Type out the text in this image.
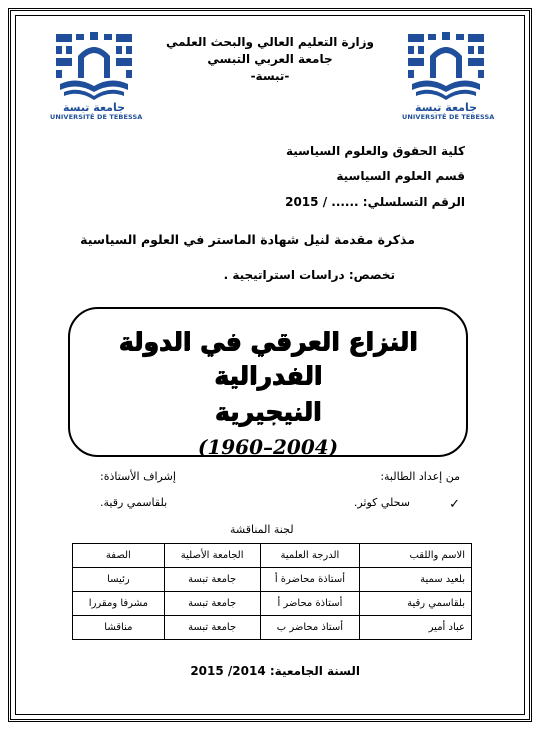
جامعة تبسة
UNIVERSITÉ DE TEBESSA
جامعة تبسة
UNIVERSITÉ DE TEBESSA
وزارة التعليم العالي والبحث العلمي
جامعة العربي التبسي
-تبسة-
كلية الحقوق والعلوم السياسية
قسم العلوم السياسية
الرقم التسلسلي: ...... / 2015
مذكرة مقدمة لنيل شهادة الماستر في العلوم السياسية
تخصص: دراسات استراتيجية .
النزاع العرقي في الدولة الفدرالية
النيجيرية
(1960–2004)
من إعداد الطالبة:
إشراف الأستاذة:
✓
سحلي كوثر.
بلقاسمي رقية.
لجنة المناقشة
الاسم واللقب	الدرجة العلمية	الجامعة الأصلية	الصفة
بلعيد سمية	أستاذة محاضرة أ	جامعة تبسة	رئيسا
بلقاسمي رقية	أستاذة محاضر أ	جامعة تبسة	مشرفا ومقررا
عباد أمير	أستاذ محاضر ب	جامعة تبسة	مناقشا
السنة الجامعية: 2014/ 2015
